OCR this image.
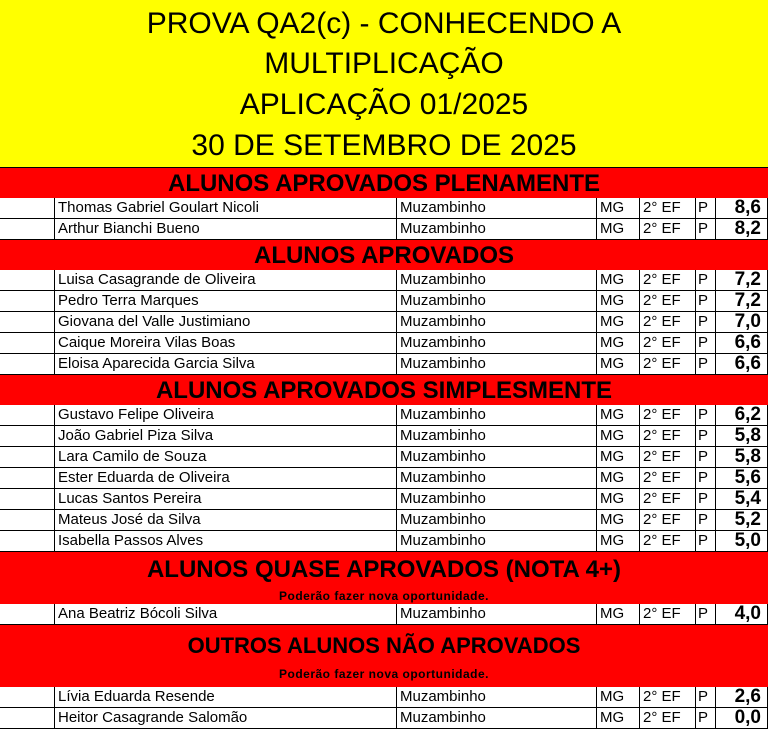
PROVA QA2(c) - CONHECENDO A
MULTIPLICAÇÃO
APLICAÇÃO 01/2025
30 DE SETEMBRO DE 2025
ALUNOS APROVADOS PLENAMENTE
Thomas Gabriel Goulart Nicoli	Muzambinho	MG	2° EF	P	8,6
Arthur Bianchi Bueno	Muzambinho	MG	2° EF	P	8,2
ALUNOS APROVADOS
Luisa Casagrande de Oliveira	Muzambinho	MG	2° EF	P	7,2
Pedro Terra Marques	Muzambinho	MG	2° EF	P	7,2
Giovana del Valle Justimiano	Muzambinho	MG	2° EF	P	7,0
Caique Moreira Vilas Boas	Muzambinho	MG	2° EF	P	6,6
Eloisa Aparecida Garcia Silva	Muzambinho	MG	2° EF	P	6,6
ALUNOS APROVADOS SIMPLESMENTE
Gustavo Felipe Oliveira	Muzambinho	MG	2° EF	P	6,2
João Gabriel Piza Silva	Muzambinho	MG	2° EF	P	5,8
Lara Camilo de Souza	Muzambinho	MG	2° EF	P	5,8
Ester Eduarda de Oliveira	Muzambinho	MG	2° EF	P	5,6
Lucas Santos Pereira	Muzambinho	MG	2° EF	P	5,4
Mateus José da Silva	Muzambinho	MG	2° EF	P	5,2
Isabella Passos Alves	Muzambinho	MG	2° EF	P	5,0
ALUNOS QUASE APROVADOS (NOTA 4+)
Poderão fazer nova oportunidade.
Ana Beatriz Bócoli Silva	Muzambinho	MG	2° EF	P	4,0
OUTROS ALUNOS NÃO APROVADOS
Poderão fazer nova oportunidade.
Lívia Eduarda Resende	Muzambinho	MG	2° EF	P	2,6
Heitor Casagrande Salomão	Muzambinho	MG	2° EF	P	0,0
